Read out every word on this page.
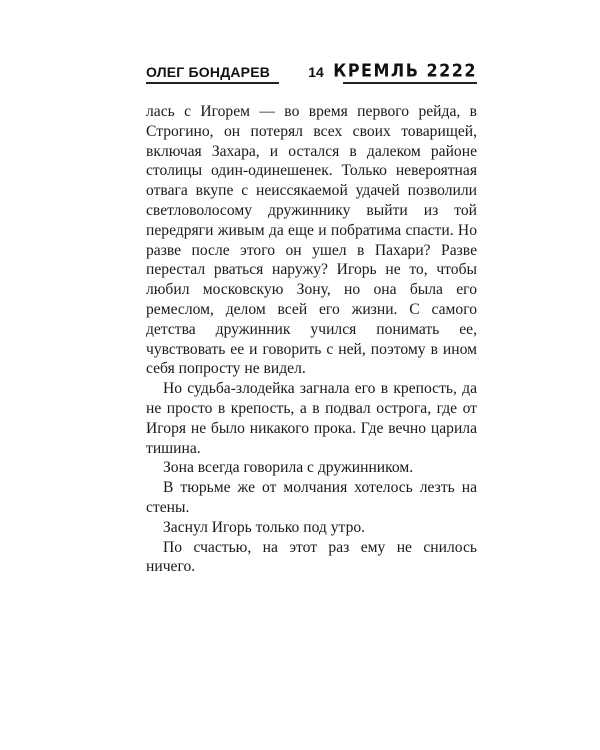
ОЛЕГ БОНДАРЕВ	14 КРЕМЛЬ 2222

лась с Игорем — во время первого рейда, в Строгино, он потерял всех своих товарищей, включая Захара, и остался в далеком районе столицы один-одинешенек. Только невероятная отвага вкупе с неиссякаемой удачей позволили светловолосому дружиннику выйти из той передряги живым да еще и побратима спасти. Но разве после этого он ушел в Пахари? Разве перестал рваться наружу? Игорь не то, чтобы любил московскую Зону, но она была его ремеслом, делом всей его жизни. С самого детства дружинник учился понимать ее, чувствовать ее и говорить с ней, поэтому в ином себя попросту не видел.

Но судьба-злодейка загнала его в крепость, да не просто в крепость, а в подвал острога, где от Игоря не было никакого прока. Где вечно царила тишина.

Зона всегда говорила с дружинником.

В тюрьме же от молчания хотелось лезть на стены.

Заснул Игорь только под утро.

По счастью, на этот раз ему не снилось ничего.
